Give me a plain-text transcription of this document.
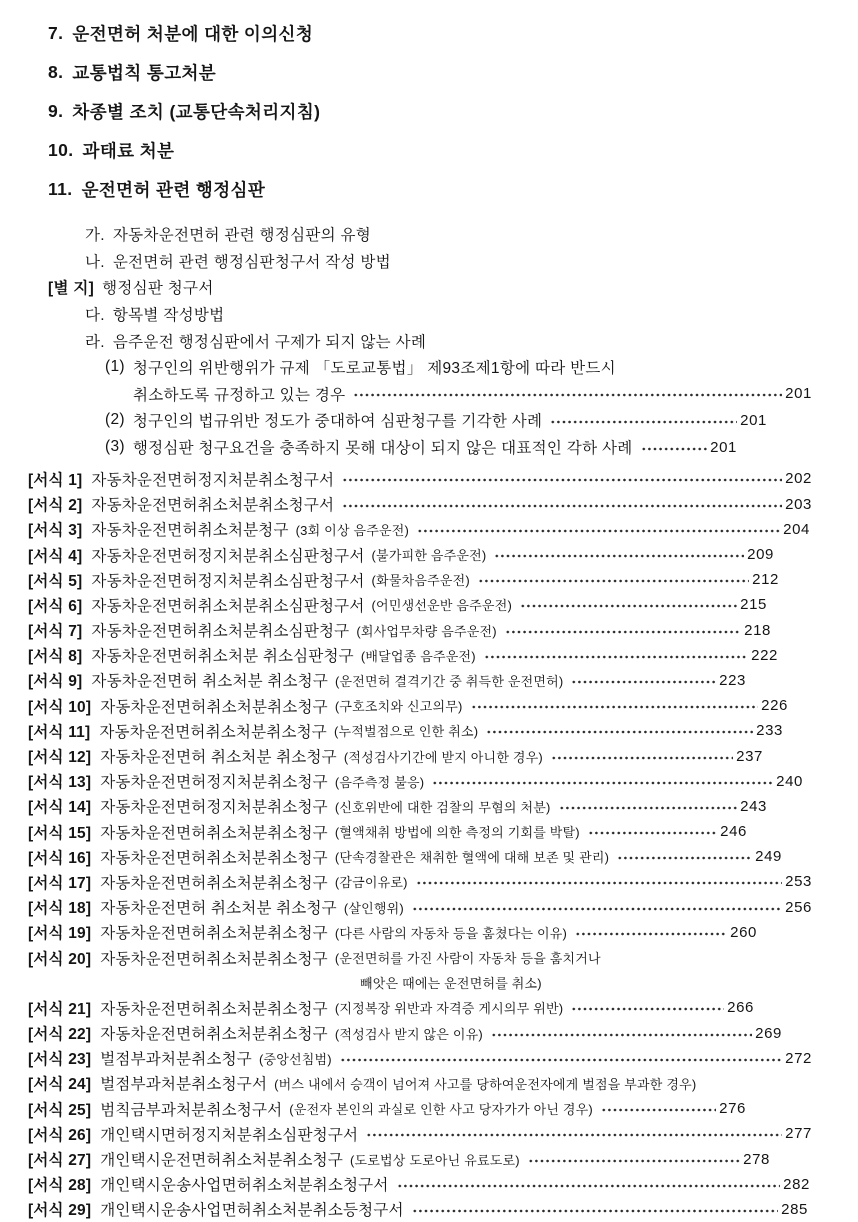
7. 운전면허 처분에 대한 이의신청
8. 교통법칙 통고처분
9. 차종별 조치 (교통단속처리지침)
10. 과태료 처분
11. 운전면허 관련 행정심판
가. 자동차운전면허 관련 행정심판의 유형
나. 운전면허 관련 행정심판청구서 작성 방법
[별 지] 행정심판 청구서
다. 항목별 작성방법
라. 음주운전 행정심판에서 구제가 되지 않는 사례
(1) 청구인의 위반행위가 규제 「도로교통법」 제93조제1항에 따라 반드시
취소하도록 규정하고 있는 경우	201
(2) 청구인의 법규위반 정도가 중대하여 심판청구를 기각한 사례	201
(3) 행정심판 청구요건을 충족하지 못해 대상이 되지 않은 대표적인 각하 사례	201
[서식 1] 자동차운전면허정지처분취소청구서	202
[서식 2] 자동차운전면허취소처분취소청구서	203
[서식 3] 자동차운전면허취소처분청구 (3회 이상 음주운전)	204
[서식 4] 자동차운전면허정지처분취소심판청구서 (불가피한 음주운전)	209
[서식 5] 자동차운전면허정지처분취소심판청구서 (화물차음주운전)	212
[서식 6] 자동차운전면허취소처분취소심판청구서 (어민생선운반 음주운전)	215
[서식 7] 자동차운전면허취소처분취소심판청구 (회사업무차량 음주운전)	218
[서식 8] 자동차운전면허취소처분 취소심판청구 (배달업종 음주운전)	222
[서식 9] 자동차운전면허 취소처분 취소청구 (운전면허 결격기간 중 취득한 운전면허)	223
[서식 10] 자동차운전면허취소처분취소청구 (구호조치와 신고의무)	226
[서식 11] 자동차운전면허취소처분취소청구 (누적벌점으로 인한 취소)	233
[서식 12] 자동차운전면허 취소처분 취소청구 (적성검사기간에 받지 아니한 경우)	237
[서식 13] 자동차운전면허정지처분취소청구 (음주측정 불응)	240
[서식 14] 자동차운전면허정지처분취소청구 (신호위반에 대한 검찰의 무혐의 처분)	243
[서식 15] 자동차운전면허취소처분취소청구 (혈액채취 방법에 의한 측정의 기회를 박탈)	246
[서식 16] 자동차운전면허취소처분취소청구 (단속경찰관은 채취한 혈액에 대해 보존 및 관리)	249
[서식 17] 자동차운전면허취소처분취소청구 (감금이유로)	253
[서식 18] 자동차운전면허 취소처분 취소청구 (살인행위)	256
[서식 19] 자동차운전면허취소처분취소청구 (다른 사람의 자동차 등을 훔쳤다는 이유)	260
[서식 20] 자동차운전면허취소처분취소청구 (운전면허를 가진 사람이 자동차 등을 훔치거나
빼앗은 때에는 운전면허를 취소)
[서식 21] 자동차운전면허취소처분취소청구 (지정복장 위반과 자격증 게시의무 위반)	266
[서식 22] 자동차운전면허취소처분취소청구 (적성검사 받지 않은 이유)	269
[서식 23] 벌점부과처분취소청구 (중앙선침범)	272
[서식 24] 벌점부과처분취소청구서 (버스 내에서 승객이 넘어져 사고를 당하여운전자에게 벌점을 부과한 경우)
[서식 25] 범칙금부과처분취소청구서 (운전자 본인의 과실로 인한 사고 당자가가 아닌 경우)	276
[서식 26] 개인택시면허정지처분취소심판청구서	277
[서식 27] 개인택시운전면허취소처분취소청구 (도로법상 도로아닌 유료도로)	278
[서식 28] 개인택시운송사업면허취소처분취소청구서	282
[서식 29] 개인택시운송사업면허취소처분취소등청구서	285
